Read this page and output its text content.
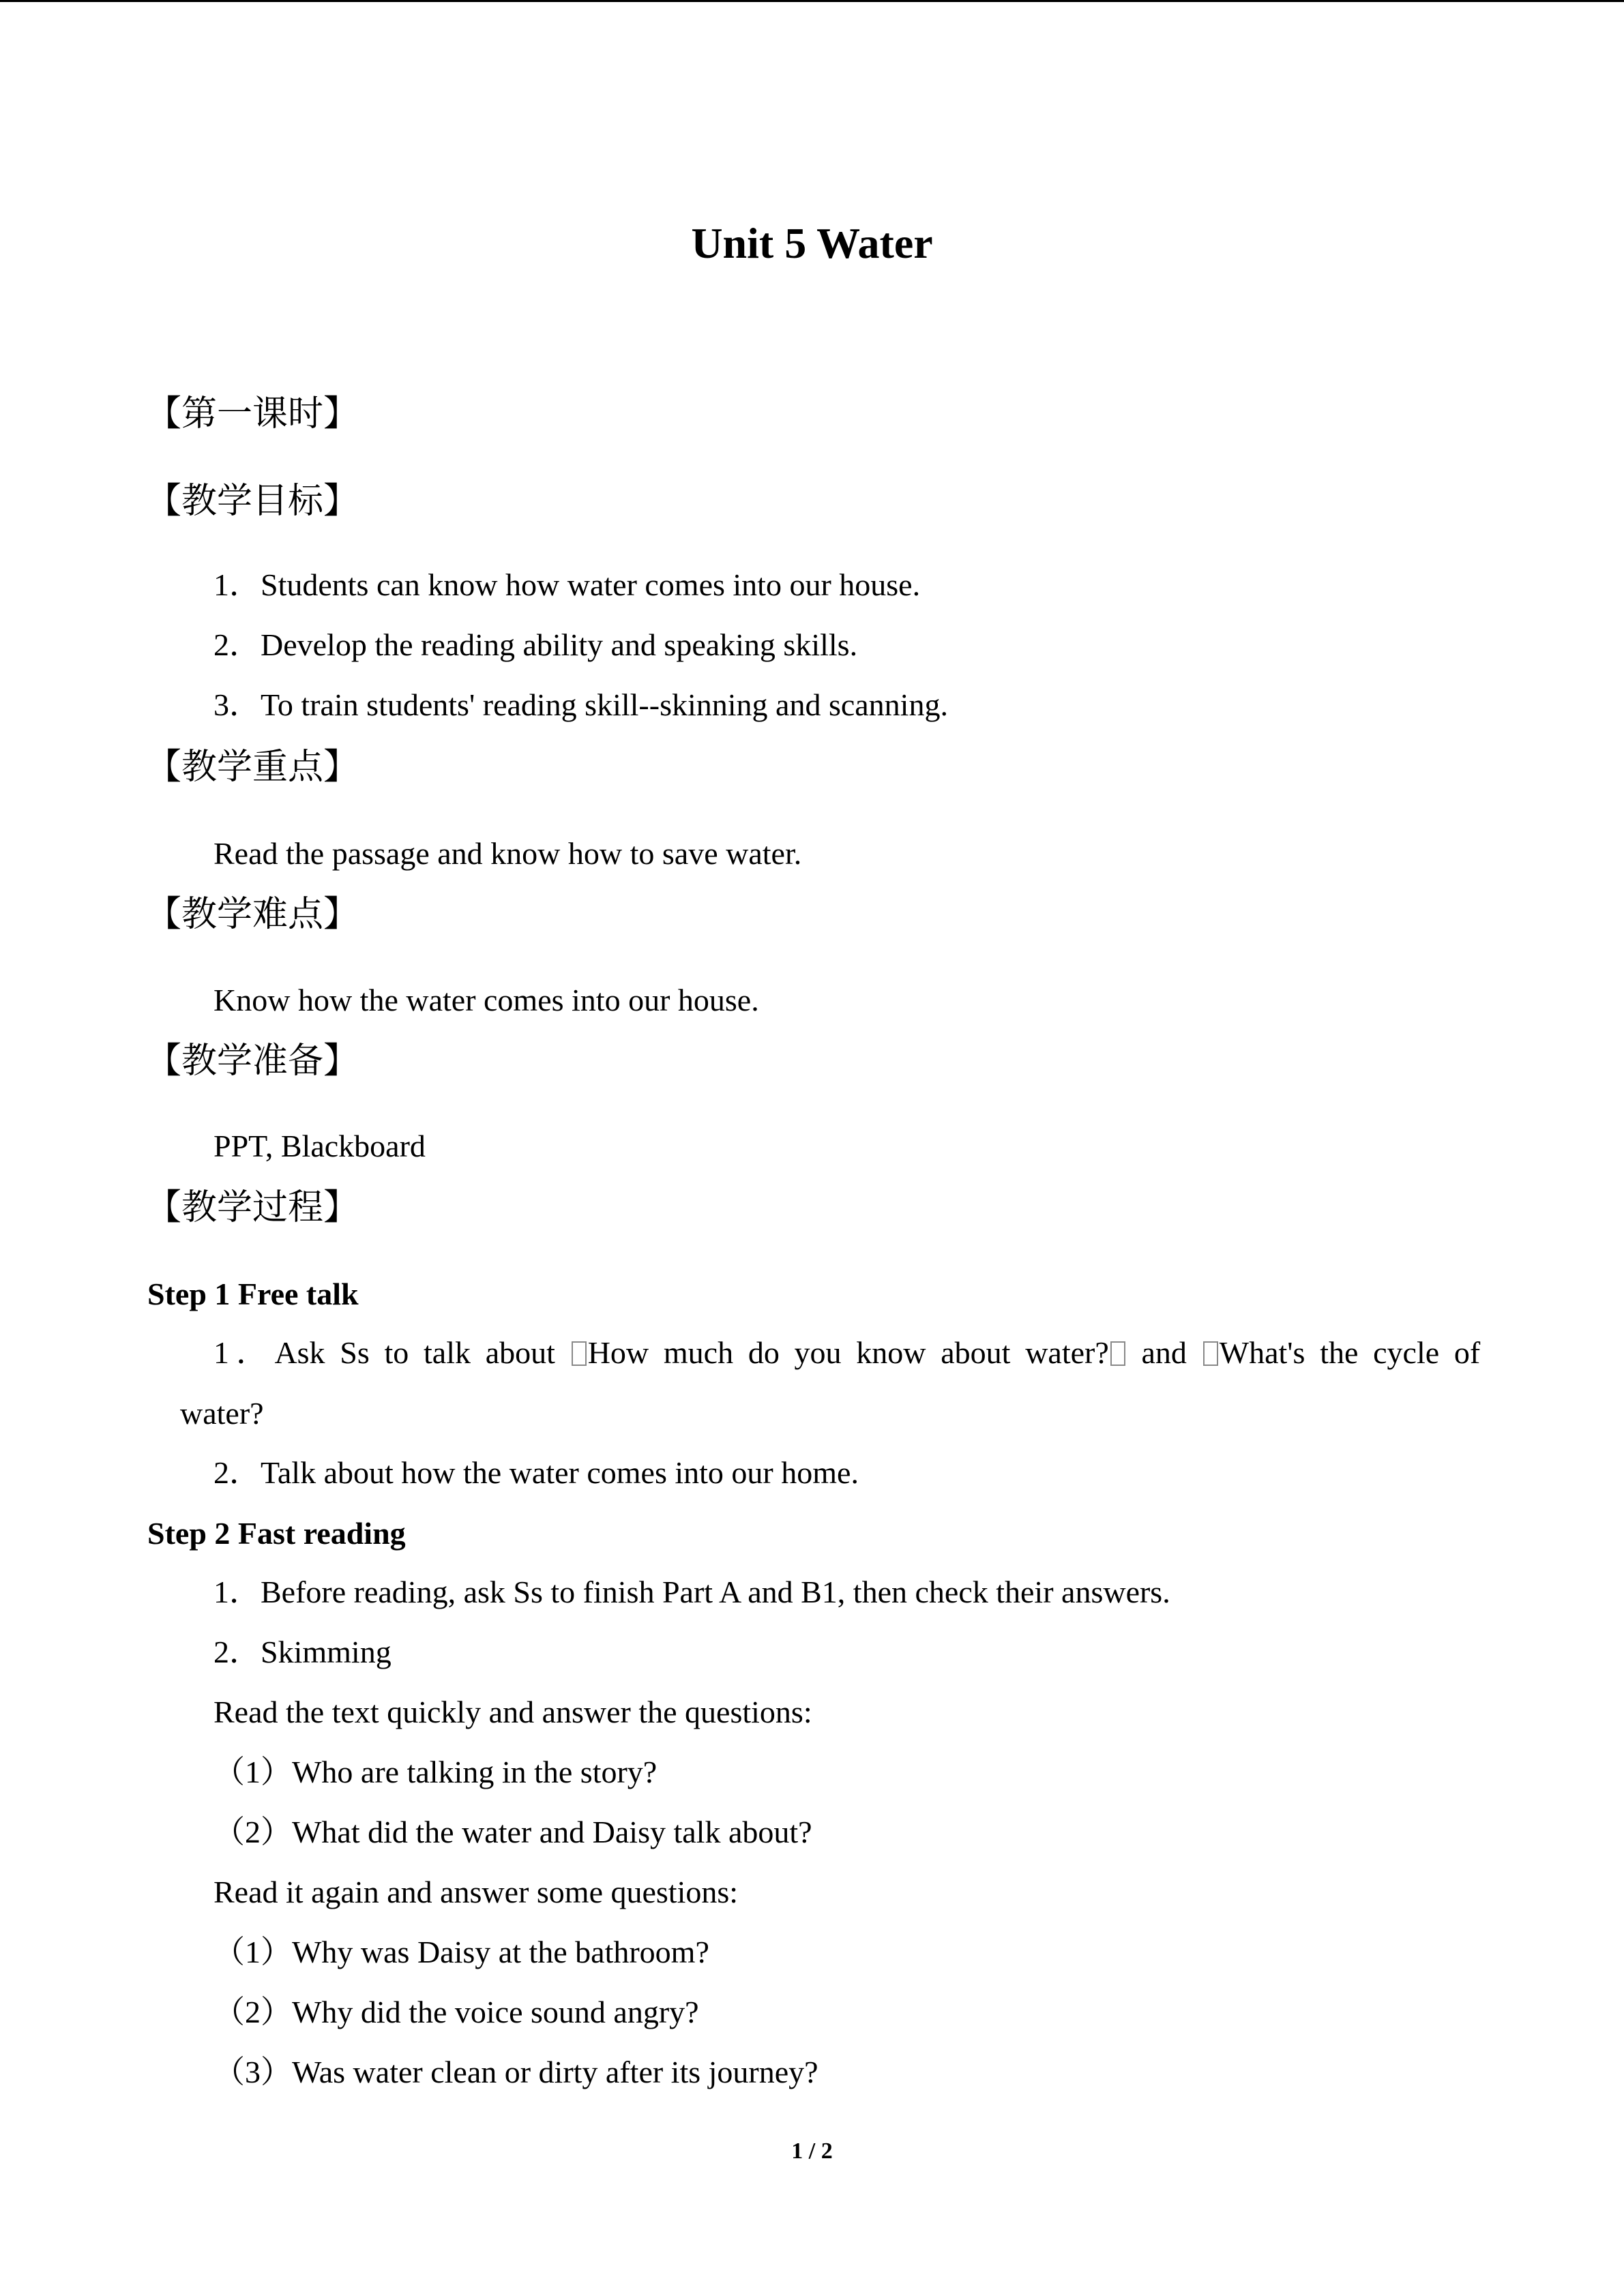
Unit 5 Water
【第一课时】
【教学目标】
1．Students can know how water comes into our house.
2．Develop the reading ability and speaking skills.
3．To train students' reading skill--skinning and scanning.
【教学重点】
Read the passage and know how to save water.
【教学难点】
Know how the water comes into our house.
【教学准备】
PPT, Blackboard
【教学过程】
Step 1 Free talk
1．Ask Ss to talk about How much do you know about water? and What's the cycle of
water?
2．Talk about how the water comes into our home.
Step 2 Fast reading
1．Before reading, ask Ss to finish Part A and B1, then check their answers.
2．Skimming
Read the text quickly and answer the questions:
（1）Who are talking in the story?
（2）What did the water and Daisy talk about?
Read it again and answer some questions:
（1）Why was Daisy at the bathroom?
（2）Why did the voice sound angry?
（3）Was water clean or dirty after its journey?
1 / 2
